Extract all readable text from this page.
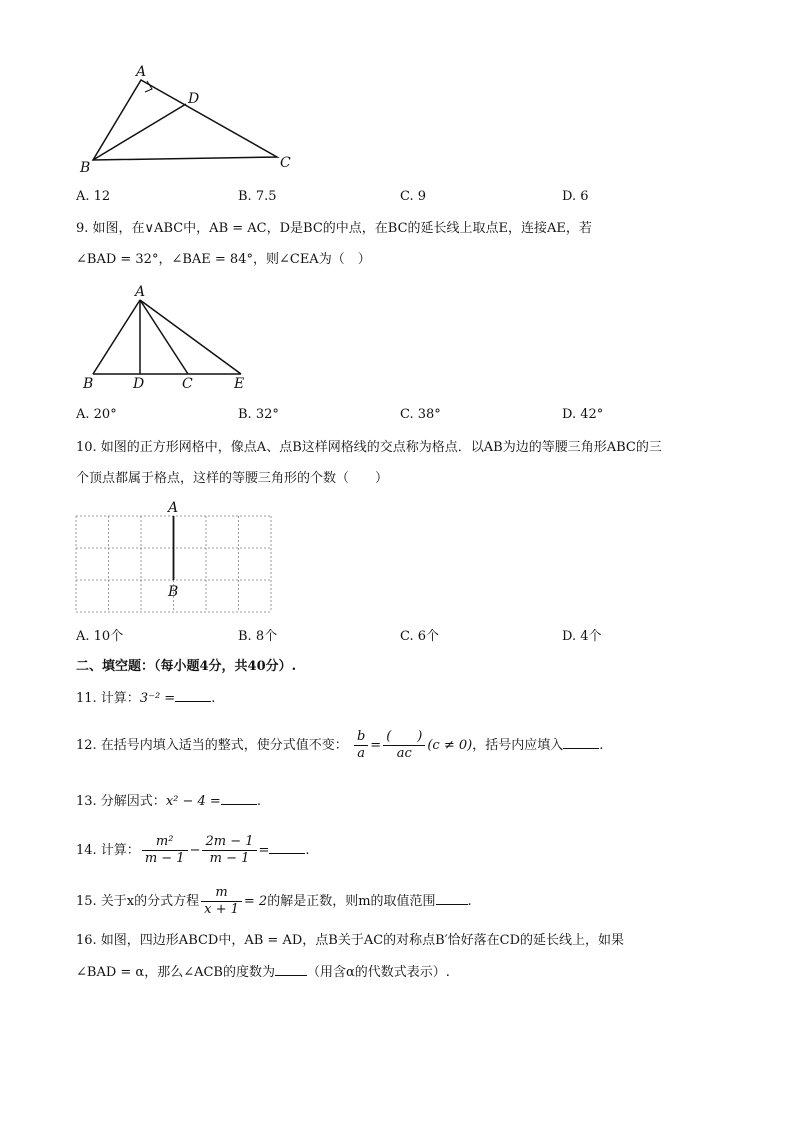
A
D
B	C
A. 12	B. 7.5	C. 9	D. 6
9. 如图，在∨ABC中，AB = AC，D是BC的中点，在BC的延长线上取点E，连接AE，若
∠BAD = 32°，∠BAE = 84°，则∠CEA为（　）
A
B	D	C	E
A. 20°	B. 32°	C. 38°	D. 42°
10. 如图的正方形网格中，像点A、点B这样网格线的交点称为格点．以AB为边的等腰三角形ABC的三
个顶点都属于格点，这样的等腰三角形的个数（　　）
A
B
A. 10个	B. 8个	C. 6个	D. 4个
二、填空题：（每小题4分，共40分）.
11. 计算：3⁻² =	.
12. 在括号内填入适当的整式，使分式值不变： $\frac{b}{a} = \frac{( )}{ac} (c \ne 0)$，括号内应填入	.
13. 分解因式：x² − 4 =	.
14. 计算： $\frac{\text{m²}}{m - 1} - \frac{2m - 1}{m - 1}$ =	.
15. 关于x的分式方程 $\frac{m}{x + 1} = 2$的解是正数，则m的取值范围 .
16. 如图，四边形ABCD中，AB = AD，点B关于AC的对称点B′恰好落在CD的延长线上，如果
∠BAD = α，那么∠ACB的度数为 （用含α的代数式表示）.
